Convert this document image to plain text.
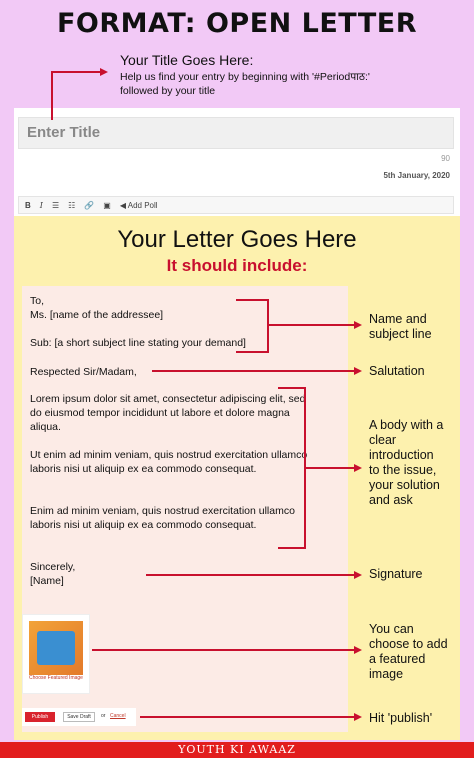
FORMAT: OPEN LETTER
Your Title Goes Here:
Help us find your entry by beginning with '#Periodपाठ:' followed by your title
Enter Title
90
5th January, 2020
B I ☰ ☷ 🔗 ▣ ◀ Add Poll
Your Letter Goes Here
It should include:
To,
Ms. [name of the addressee]
Sub: [a short subject line stating your demand]
Respected Sir/Madam,
Lorem ipsum dolor sit amet, consectetur adipiscing elit, sed do eiusmod tempor incididunt ut labore et dolore magna aliqua.
Ut enim ad minim veniam, quis nostrud exercitation ullamco laboris nisi ut aliquip ex ea commodo consequat.
Enim ad minim veniam, quis nostrud exercitation ullamco laboris nisi ut aliquip ex ea commodo consequat.
Sincerely,
[Name]
Choose Featured Image
Publish	Save Draft	or Cancel
Name and subject line
Salutation
A body with a clear introduction to the issue, your solution and ask
Signature
You can choose to add a featured image
Hit 'publish'
YOUTH KI AWAAZ
